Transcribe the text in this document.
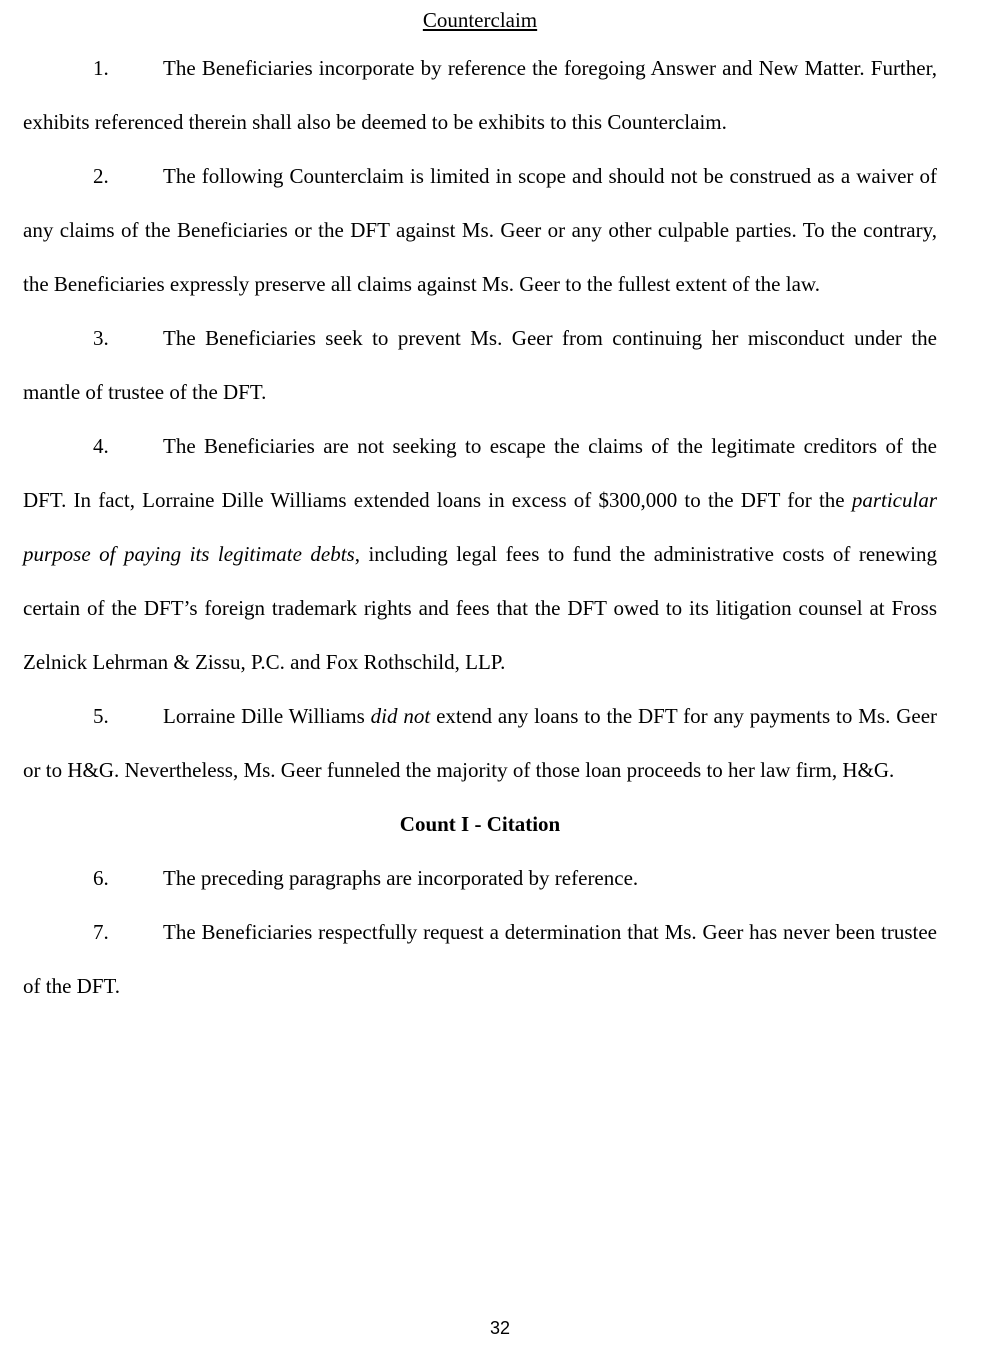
Counterclaim

1.	The Beneficiaries incorporate by reference the foregoing Answer and New Matter. Further, exhibits referenced therein shall also be deemed to be exhibits to this Counterclaim.

2.	The following Counterclaim is limited in scope and should not be construed as a waiver of any claims of the Beneficiaries or the DFT against Ms. Geer or any other culpable parties. To the contrary, the Beneficiaries expressly preserve all claims against Ms. Geer to the fullest extent of the law.

3.	The Beneficiaries seek to prevent Ms. Geer from continuing her misconduct under the mantle of trustee of the DFT.

4.	The Beneficiaries are not seeking to escape the claims of the legitimate creditors of the DFT. In fact, Lorraine Dille Williams extended loans in excess of $300,000 to the DFT for the particular purpose of paying its legitimate debts, including legal fees to fund the administrative costs of renewing certain of the DFT’s foreign trademark rights and fees that the DFT owed to its litigation counsel at Fross Zelnick Lehrman & Zissu, P.C. and Fox Rothschild, LLP.

5.	Lorraine Dille Williams did not extend any loans to the DFT for any payments to Ms. Geer or to H&G. Nevertheless, Ms. Geer funneled the majority of those loan proceeds to her law firm, H&G.

Count I - Citation

6.	The preceding paragraphs are incorporated by reference.

7.	The Beneficiaries respectfully request a determination that Ms. Geer has never been trustee of the DFT.

32
